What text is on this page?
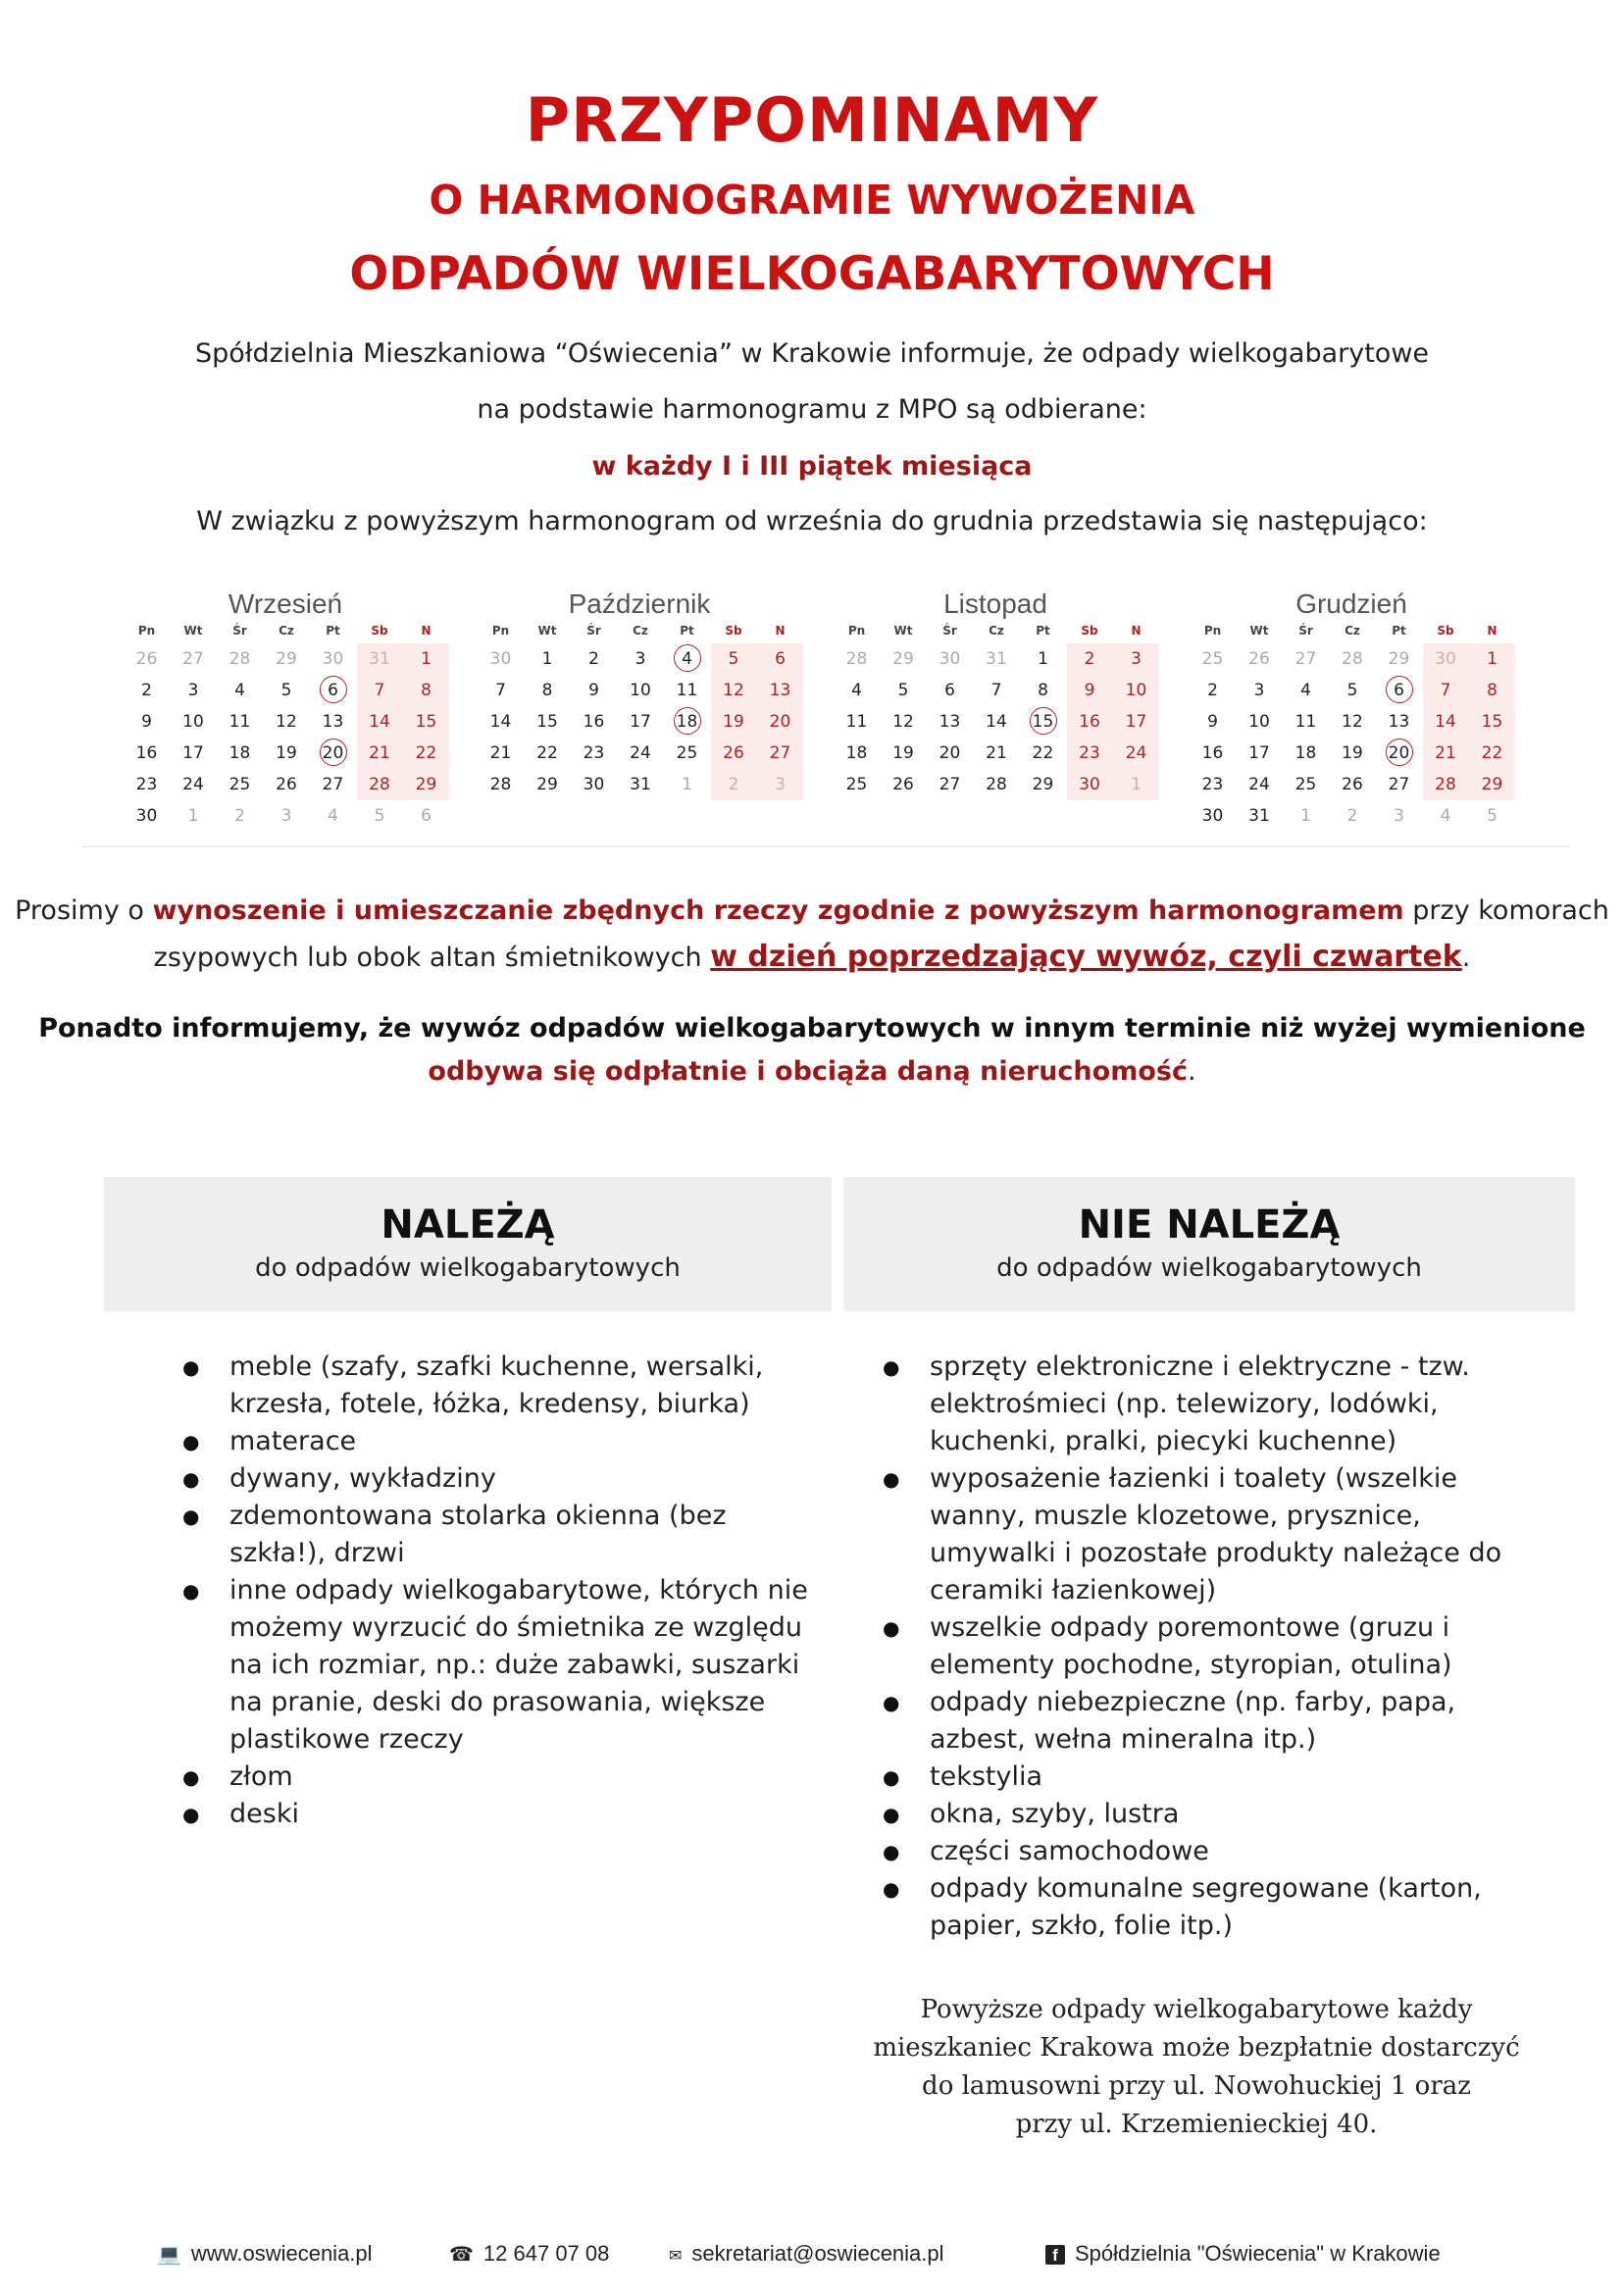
PRZYPOMINAMY
O HARMONOGRAMIE WYWOŻENIA
ODPADÓW WIELKOGABARYTOWYCH
Spółdzielnia Mieszkaniowa “Oświecenia” w Krakowie informuje, że odpady wielkogabarytowe
na podstawie harmonogramu z MPO są odbierane:
w każdy I i III piątek miesiąca
W związku z powyższym harmonogram od września do grudnia przedstawia się następująco:
Wrzesień
Pn	Wt	Śr	Cz	Pt	Sb	N
26	27	28	29	30	31	1
2	3	4	5	6	7	8
9	10	11	12	13	14	15
16	17	18	19	20	21	22
23	24	25	26	27	28	29
30	1	2	3	4	5	6
Październik
Pn	Wt	Śr	Cz	Pt	Sb	N
30	1	2	3	4	5	6
7	8	9	10	11	12	13
14	15	16	17	18	19	20
21	22	23	24	25	26	27
28	29	30	31	1	2	3
Listopad
Pn	Wt	Śr	Cz	Pt	Sb	N
28	29	30	31	1	2	3
4	5	6	7	8	9	10
11	12	13	14	15	16	17
18	19	20	21	22	23	24
25	26	27	28	29	30	1
Grudzień
Pn	Wt	Śr	Cz	Pt	Sb	N
25	26	27	28	29	30	1
2	3	4	5	6	7	8
9	10	11	12	13	14	15
16	17	18	19	20	21	22
23	24	25	26	27	28	29
30	31	1	2	3	4	5
Prosimy o wynoszenie i umieszczanie zbędnych rzeczy zgodnie z powyższym harmonogramem przy komorach
zsypowych lub obok altan śmietnikowych w dzień poprzedzający wywóz, czyli czwartek.
Ponadto informujemy, że wywóz odpadów wielkogabarytowych w innym terminie niż wyżej wymienione
odbywa się odpłatnie i obciąża daną nieruchomość.
NALEŻĄ
do odpadów wielkogabarytowych
NIE NALEŻĄ
do odpadów wielkogabarytowych
● meble (szafy, szafki kuchenne, wersalki, krzesła, fotele, łóżka, kredensy, biurka)
● materace
● dywany, wykładziny
● zdemontowana stolarka okienna (bez szkła!), drzwi
● inne odpady wielkogabarytowe, których nie możemy wyrzucić do śmietnika ze względu na ich rozmiar, np.: duże zabawki, suszarki na pranie, deski do prasowania, większe plastikowe rzeczy
● złom
● deski
● sprzęty elektroniczne i elektryczne - tzw. elektrośmieci (np. telewizory, lodówki, kuchenki, pralki, piecyki kuchenne)
● wyposażenie łazienki i toalety (wszelkie wanny, muszle klozetowe, prysznice, umywalki i pozostałe produkty należące do ceramiki łazienkowej)
● wszelkie odpady poremontowe (gruzu i elementy pochodne, styropian, otulina)
● odpady niebezpieczne (np. farby, papa, azbest, wełna mineralna itp.)
● tekstylia
● okna, szyby, lustra
● części samochodowe
● odpady komunalne segregowane (karton, papier, szkło, folie itp.)
Powyższe odpady wielkogabarytowe każdy
mieszkaniec Krakowa może bezpłatnie dostarczyć
do lamusowni przy ul. Nowohuckiej 1 oraz
przy ul. Krzemienieckiej 40.
💻 www.oswiecenia.pl	☎ 12 647 07 08	✉ sekretariat@oswiecenia.pl	f Spółdzielnia "Oświecenia" w Krakowie
